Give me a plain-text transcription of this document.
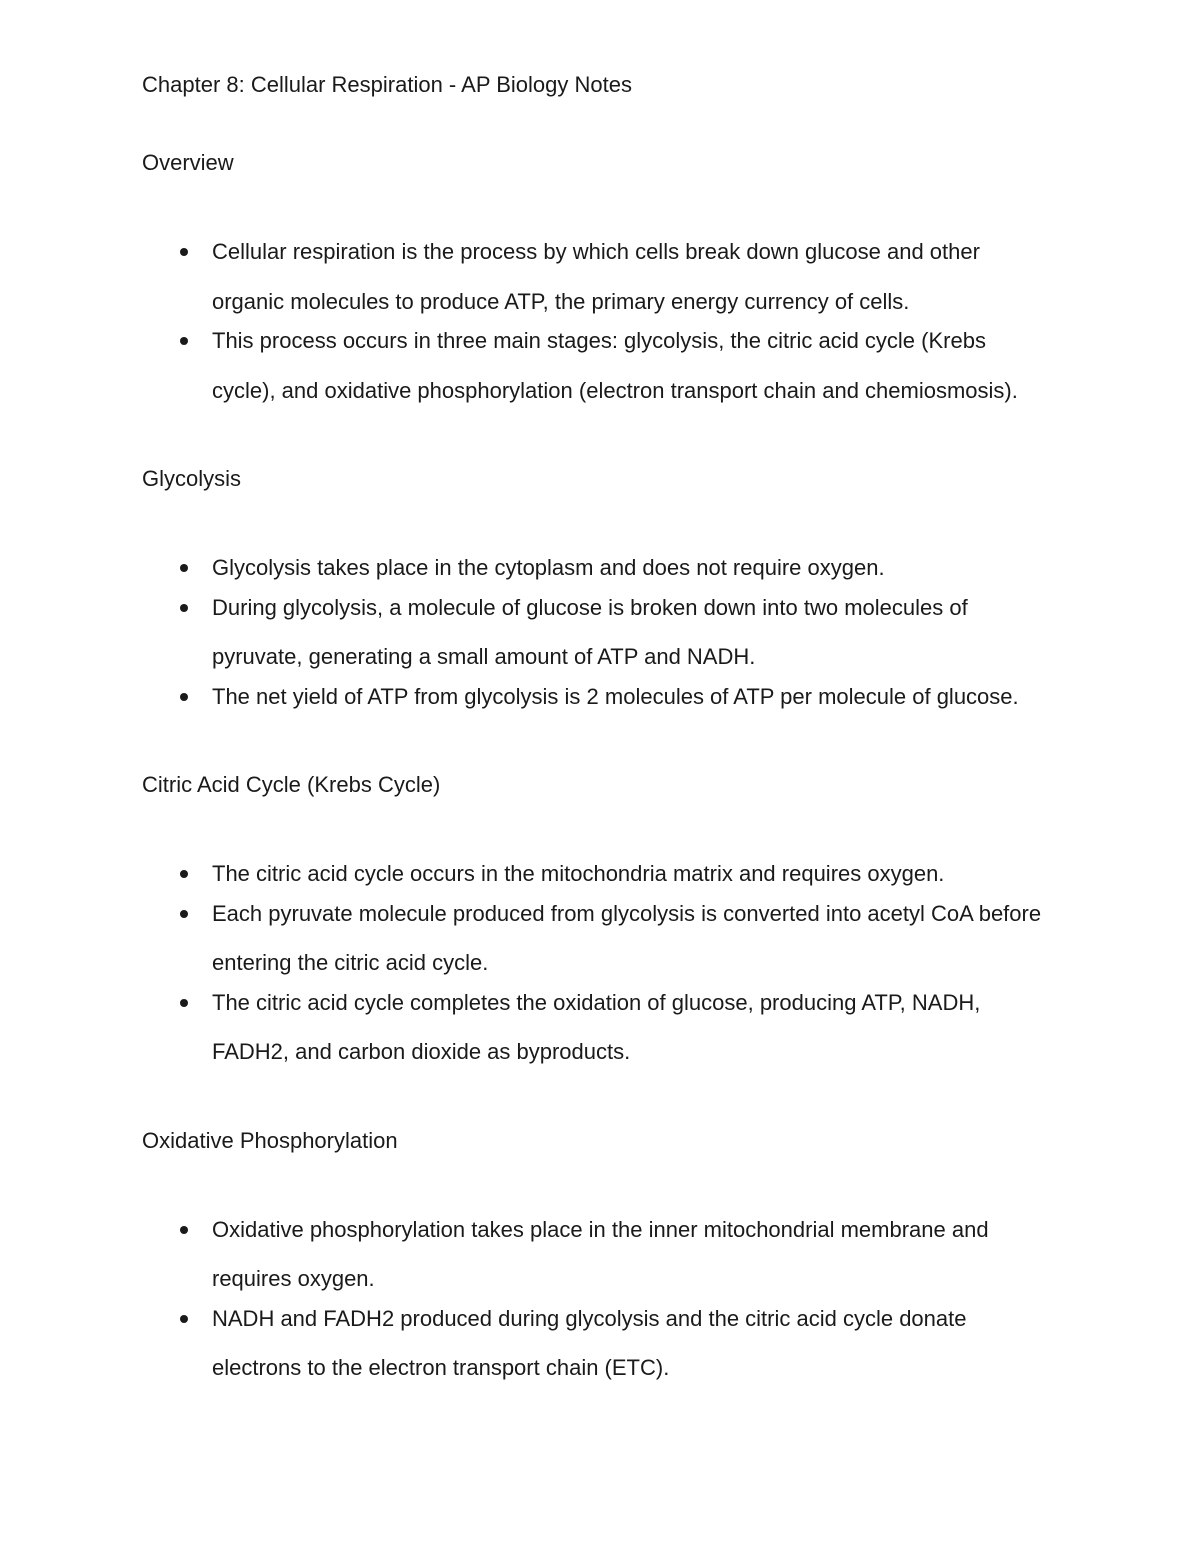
Chapter 8: Cellular Respiration - AP Biology Notes
Overview
Cellular respiration is the process by which cells break down glucose and other organic molecules to produce ATP, the primary energy currency of cells.
This process occurs in three main stages: glycolysis, the citric acid cycle (Krebs cycle), and oxidative phosphorylation (electron transport chain and chemiosmosis).
Glycolysis
Glycolysis takes place in the cytoplasm and does not require oxygen.
During glycolysis, a molecule of glucose is broken down into two molecules of pyruvate, generating a small amount of ATP and NADH.
The net yield of ATP from glycolysis is 2 molecules of ATP per molecule of glucose.
Citric Acid Cycle (Krebs Cycle)
The citric acid cycle occurs in the mitochondria matrix and requires oxygen.
Each pyruvate molecule produced from glycolysis is converted into acetyl CoA before entering the citric acid cycle.
The citric acid cycle completes the oxidation of glucose, producing ATP, NADH, FADH2, and carbon dioxide as byproducts.
Oxidative Phosphorylation
Oxidative phosphorylation takes place in the inner mitochondrial membrane and requires oxygen.
NADH and FADH2 produced during glycolysis and the citric acid cycle donate electrons to the electron transport chain (ETC).
